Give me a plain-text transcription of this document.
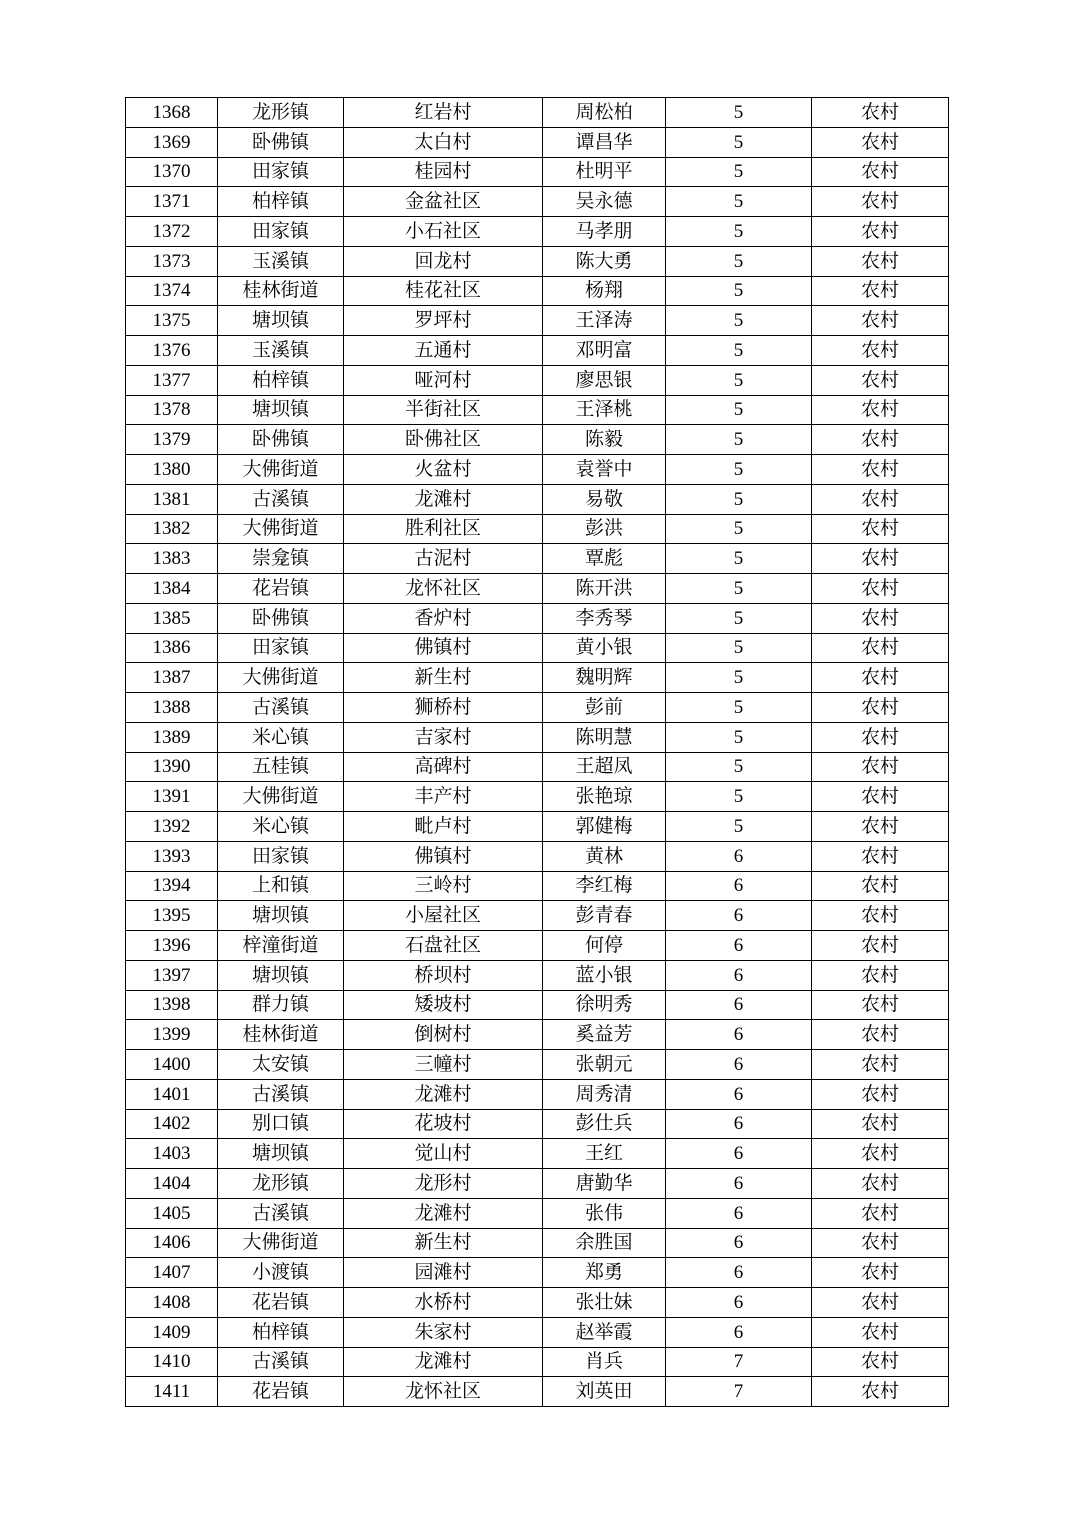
1368	龙形镇	红岩村	周松柏	5	农村
1369	卧佛镇	太白村	谭昌华	5	农村
1370	田家镇	桂园村	杜明平	5	农村
1371	柏梓镇	金盆社区	吴永德	5	农村
1372	田家镇	小石社区	马孝朋	5	农村
1373	玉溪镇	回龙村	陈大勇	5	农村
1374	桂林街道	桂花社区	杨翔	5	农村
1375	塘坝镇	罗坪村	王泽涛	5	农村
1376	玉溪镇	五通村	邓明富	5	农村
1377	柏梓镇	哑河村	廖思银	5	农村
1378	塘坝镇	半街社区	王泽桃	5	农村
1379	卧佛镇	卧佛社区	陈毅	5	农村
1380	大佛街道	火盆村	袁誉中	5	农村
1381	古溪镇	龙滩村	易敬	5	农村
1382	大佛街道	胜利社区	彭洪	5	农村
1383	崇龛镇	古泥村	覃彪	5	农村
1384	花岩镇	龙怀社区	陈开洪	5	农村
1385	卧佛镇	香炉村	李秀琴	5	农村
1386	田家镇	佛镇村	黄小银	5	农村
1387	大佛街道	新生村	魏明辉	5	农村
1388	古溪镇	狮桥村	彭前	5	农村
1389	米心镇	吉家村	陈明慧	5	农村
1390	五桂镇	高碑村	王超凤	5	农村
1391	大佛街道	丰产村	张艳琼	5	农村
1392	米心镇	毗卢村	郭健梅	5	农村
1393	田家镇	佛镇村	黄林	6	农村
1394	上和镇	三岭村	李红梅	6	农村
1395	塘坝镇	小屋社区	彭青春	6	农村
1396	梓潼街道	石盘社区	何停	6	农村
1397	塘坝镇	桥坝村	蓝小银	6	农村
1398	群力镇	矮坡村	徐明秀	6	农村
1399	桂林街道	倒树村	奚益芳	6	农村
1400	太安镇	三幢村	张朝元	6	农村
1401	古溪镇	龙滩村	周秀清	6	农村
1402	别口镇	花坡村	彭仕兵	6	农村
1403	塘坝镇	觉山村	王红	6	农村
1404	龙形镇	龙形村	唐勤华	6	农村
1405	古溪镇	龙滩村	张伟	6	农村
1406	大佛街道	新生村	余胜国	6	农村
1407	小渡镇	园滩村	郑勇	6	农村
1408	花岩镇	水桥村	张壮妹	6	农村
1409	柏梓镇	朱家村	赵举霞	6	农村
1410	古溪镇	龙滩村	肖兵	7	农村
1411	花岩镇	龙怀社区	刘英田	7	农村
